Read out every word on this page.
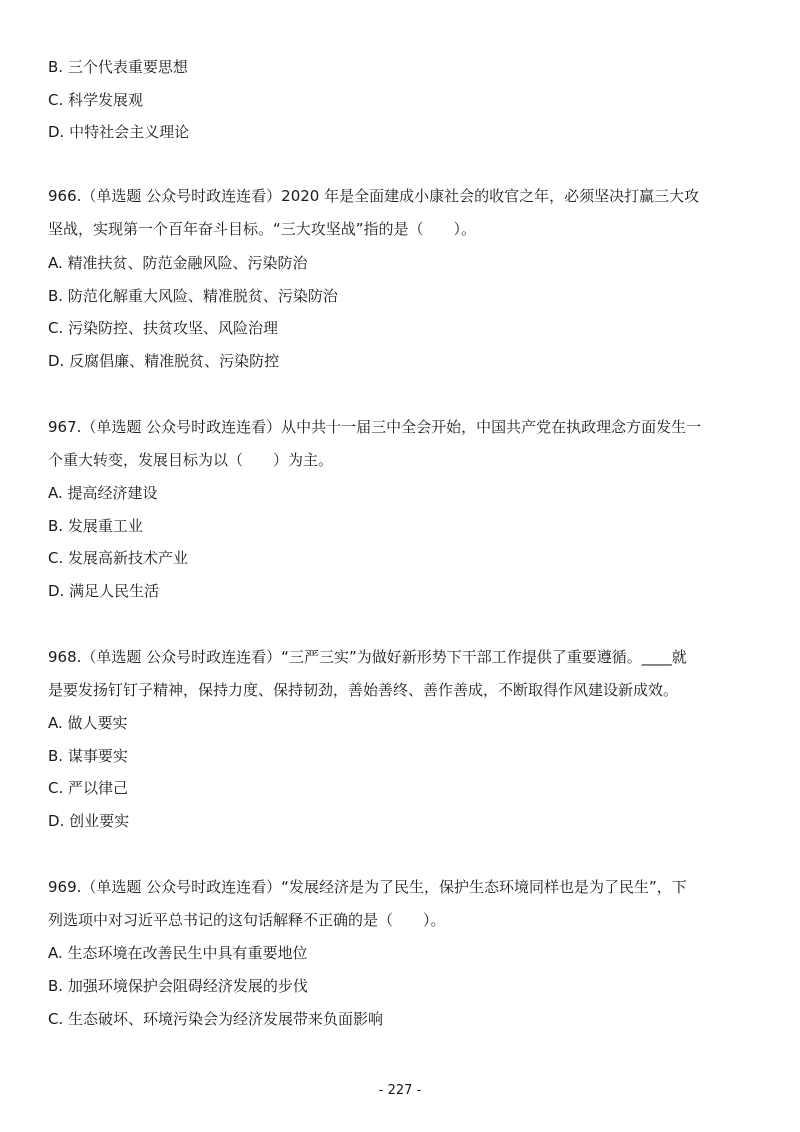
B. 三个代表重要思想
C. 科学发展观
D. 中特社会主义理论
966.（单选题 公众号时政连连看）2020 年是全面建成小康社会的收官之年，必须坚决打赢三大攻
坚战，实现第一个百年奋斗目标。“三大攻坚战”指的是（　　）。
A. 精准扶贫、防范金融风险、污染防治
B. 防范化解重大风险、精准脱贫、污染防治
C. 污染防控、扶贫攻坚、风险治理
D. 反腐倡廉、精准脱贫、污染防控
967.（单选题 公众号时政连连看）从中共十一届三中全会开始，中国共产党在执政理念方面发生一
个重大转变，发展目标为以（　　）为主。
A. 提高经济建设
B. 发展重工业
C. 发展高新技术产业
D. 满足人民生活
968.（单选题 公众号时政连连看）“三严三实”为做好新形势下干部工作提供了重要遵循。____就
是要发扬钉钉子精神，保持力度、保持韧劲，善始善终、善作善成，不断取得作风建设新成效。
A. 做人要实
B. 谋事要实
C. 严以律己
D. 创业要实
969.（单选题 公众号时政连连看）“发展经济是为了民生，保护生态环境同样也是为了民生”，下
列选项中对习近平总书记的这句话解释不正确的是（　　）。
A. 生态环境在改善民生中具有重要地位
B. 加强环境保护会阻碍经济发展的步伐
C. 生态破坏、环境污染会为经济发展带来负面影响
- 227 -
